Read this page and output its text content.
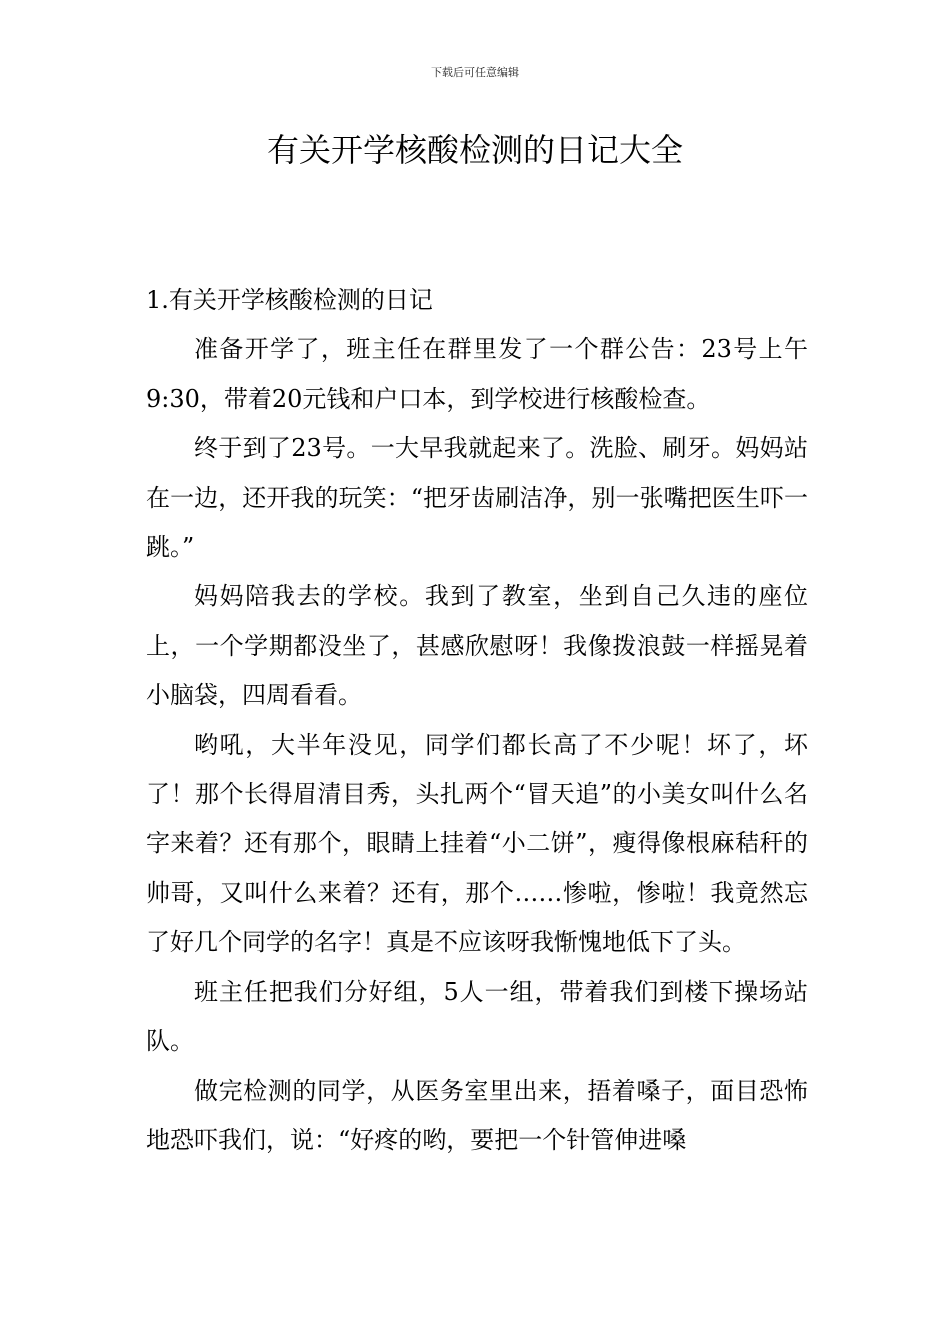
下载后可任意编辑
有关开学核酸检测的日记大全

1.有关开学核酸检测的日记

准备开学了，班主任在群里发了一个群公告：23号上午9:30，带着20元钱和户口本，到学校进行核酸检查。

终于到了23号。一大早我就起来了。洗脸、刷牙。妈妈站在一边，还开我的玩笑：“把牙齿刷洁净，别一张嘴把医生吓一跳。”

妈妈陪我去的学校。我到了教室，坐到自己久违的座位上，一个学期都没坐了，甚感欣慰呀！我像拨浪鼓一样摇晃着小脑袋，四周看看。

哟吼，大半年没见，同学们都长高了不少呢！坏了，坏了！那个长得眉清目秀，头扎两个“冒天追”的小美女叫什么名字来着？还有那个，眼睛上挂着“小二饼”，瘦得像根麻秸秆的帅哥，又叫什么来着？还有，那个……惨啦，惨啦！我竟然忘了好几个同学的名字！真是不应该呀我惭愧地低下了头。

班主任把我们分好组，5人一组，带着我们到楼下操场站队。

做完检测的同学，从医务室里出来，捂着嗓子，面目恐怖地恐吓我们，说：“好疼的哟，要把一个针管伸进嗓
